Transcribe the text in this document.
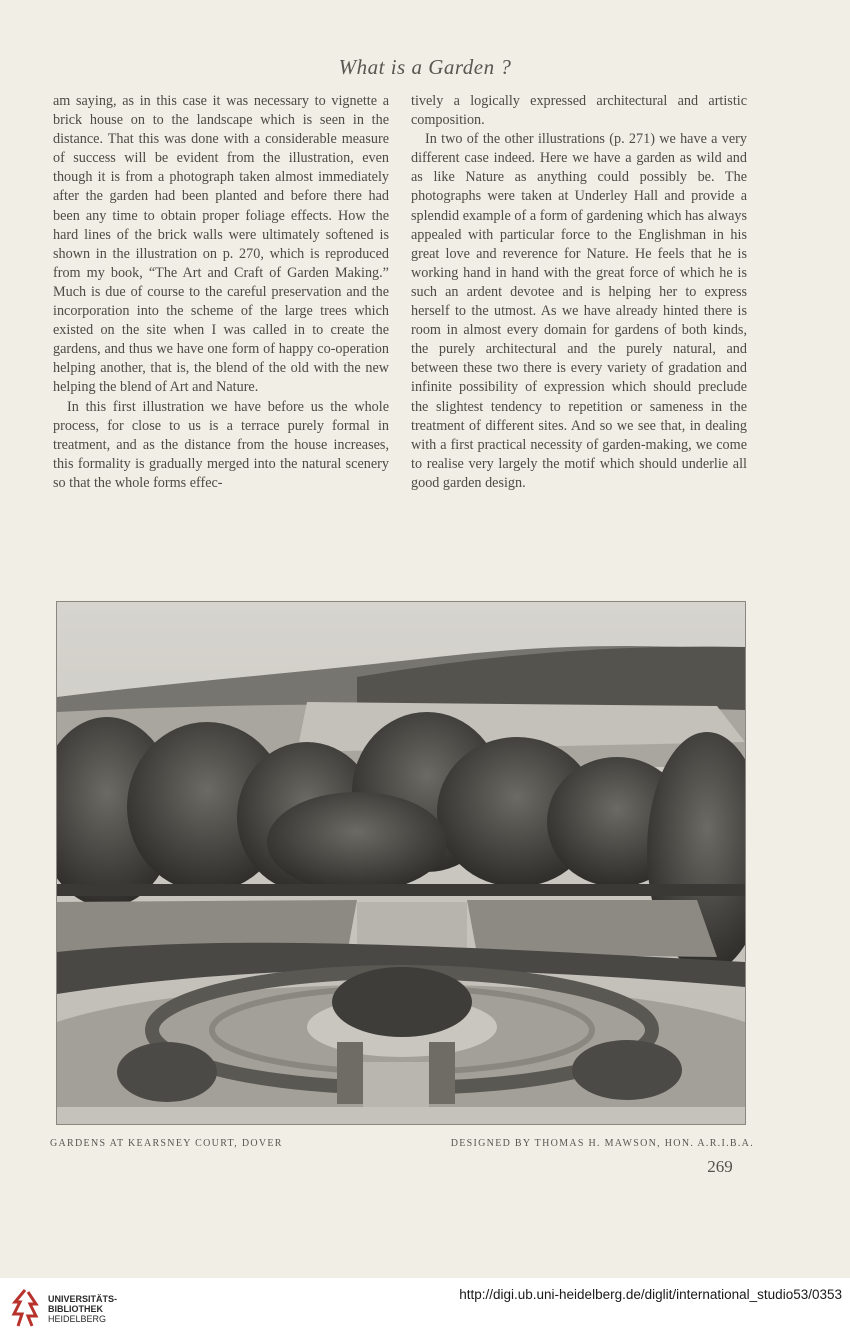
What is a Garden ?

am saying, as in this case it was necessary to vignette a brick house on to the landscape which is seen in the distance. That this was done with a considerable measure of success will be evident from the illustration, even though it is from a photograph taken almost immediately after the garden had been planted and before there had been any time to obtain proper foliage effects. How the hard lines of the brick walls were ultimately softened is shown in the illustration on p. 270, which is reproduced from my book, “The Art and Craft of Garden Making.” Much is due of course to the careful preservation and the incorporation into the scheme of the large trees which existed on the site when I was called in to create the gardens, and thus we have one form of happy co-operation helping another, that is, the blend of the old with the new helping the blend of Art and Nature.

In this first illustration we have before us the whole process, for close to us is a terrace purely formal in treatment, and as the distance from the house increases, this formality is gradually merged into the natural scenery so that the whole forms effec-

tively a logically expressed architectural and artistic composition.

In two of the other illustrations (p. 271) we have a very different case indeed. Here we have a garden as wild and as like Nature as anything could possibly be. The photographs were taken at Underley Hall and provide a splendid example of a form of gardening which has always appealed with particular force to the Englishman in his great love and reverence for Nature. He feels that he is working hand in hand with the great force of which he is such an ardent devotee and is helping her to express herself to the utmost. As we have already hinted there is room in almost every domain for gardens of both kinds, the purely architectural and the purely natural, and between these two there is every variety of gradation and infinite possibility of expression which should preclude the slightest tendency to repetition or sameness in the treatment of different sites. And so we see that, in dealing with a first practical necessity of garden-making, we come to realise very largely the motif which should underlie all good garden design.

GARDENS AT KEARSNEY COURT, DOVER	DESIGNED BY THOMAS H. MAWSON, HON. A.R.I.B.A.
269
UNIVERSITÄTS-
BIBLIOTHEK
HEIDELBERG
http://digi.ub.uni-heidelberg.de/diglit/international_studio53/0353
